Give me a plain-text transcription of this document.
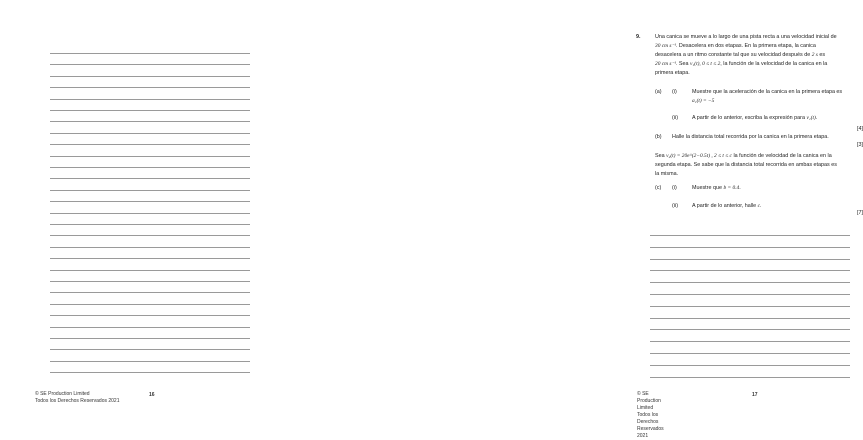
© SE Production Limited
Todos los Derechos Reservados 2021
16
9.	Una canica se mueve a lo largo de una pista recta a una velocidad inicial de
30 cm s⁻¹. Desacelera en dos etapas. En la primera etapa, la canica
desacelera a un ritmo constante tal que su velocidad después de 2 s es
20 cm s⁻¹. Sea v₁(t), 0 ≤ t ≤ 2, la función de la velocidad de la canica en la
primera etapa.
(a) (i)	Muestre que la aceleración de la canica en la primera etapa es
a₁(t) = −5
(ii)	A partir de lo anterior, escriba la expresión para v₁(t).
[4]
(b) Halle la distancia total recorrida por la canica en la primera etapa.
[3]
Sea v₂(t) = 20e^(2−0.5t) , 2 ≤ t ≤ c la función de velocidad de la canica en la
segunda etapa. Se sabe que la distancia total recorrida en ambas etapas es
la misma.
(c) (i)	Muestre que b = 0.4.
(ii)	A partir de lo anterior, halle c.
[7]
© SE Production Limited
Todos los Derechos Reservados 2021
17
